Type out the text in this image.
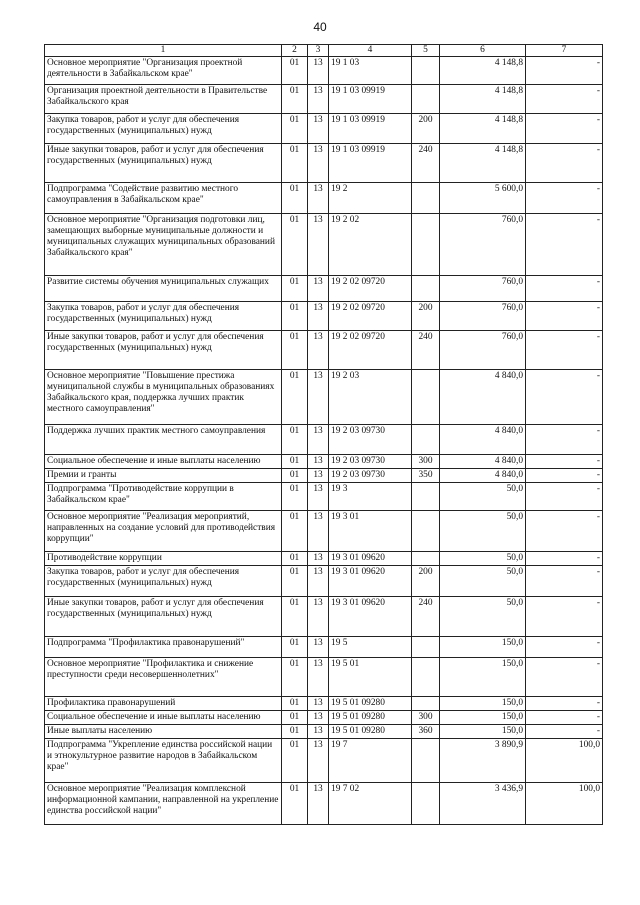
40
1	2	3	4	5	6	7
Основное мероприятие "Организация проектной деятельности в Забайкальском крае"	01	13	19 1 03		4 148,8	-
Организация проектной деятельности в Правительстве Забайкальского края	01	13	19 1 03 09919		4 148,8	-
Закупка товаров, работ и услуг для обеспечения государственных (муниципальных) нужд	01	13	19 1 03 09919	200	4 148,8	-
Иные закупки товаров, работ и услуг для обеспечения государственных (муниципальных) нужд	01	13	19 1 03 09919	240	4 148,8	-
Подпрограмма "Содействие развитию местного самоуправления в Забайкальском крае"	01	13	19 2		5 600,0	-
Основное мероприятие "Организация подготовки лиц, замещающих выборные муниципальные должности и муниципальных служащих муниципальных образований Забайкальского края"	01	13	19 2 02		760,0	-
Развитие системы обучения муниципальных служащих	01	13	19 2 02 09720		760,0	-
Закупка товаров, работ и услуг для обеспечения государственных (муниципальных) нужд	01	13	19 2 02 09720	200	760,0	-
Иные закупки товаров, работ и услуг для обеспечения государственных (муниципальных) нужд	01	13	19 2 02 09720	240	760,0	-
Основное мероприятие "Повышение престижа муниципальной службы в муниципальных образованиях Забайкальского края, поддержка лучших практик местного самоуправления"	01	13	19 2 03		4 840,0	-
Поддержка лучших практик местного самоуправления	01	13	19 2 03 09730		4 840,0	-
Социальное обеспечение и иные выплаты населению	01	13	19 2 03 09730	300	4 840,0	-
Премии и гранты	01	13	19 2 03 09730	350	4 840,0	-
Подпрограмма "Противодействие коррупции в Забайкальском крае"	01	13	19 3		50,0	-
Основное мероприятие "Реализация мероприятий, направленных на создание условий для противодействия коррупции"	01	13	19 3 01		50,0	-
Противодействие коррупции	01	13	19 3 01 09620		50,0	-
Закупка товаров, работ и услуг для обеспечения государственных (муниципальных) нужд	01	13	19 3 01 09620	200	50,0	-
Иные закупки товаров, работ и услуг для обеспечения государственных (муниципальных) нужд	01	13	19 3 01 09620	240	50,0	-
Подпрограмма "Профилактика правонарушений"	01	13	19 5		150,0	-
Основное мероприятие "Профилактика и снижение преступности среди несовершеннолетних"	01	13	19 5 01		150,0	-
Профилактика правонарушений	01	13	19 5 01 09280		150,0	-
Социальное обеспечение и иные выплаты населению	01	13	19 5 01 09280	300	150,0	-
Иные выплаты населению	01	13	19 5 01 09280	360	150,0	-
Подпрограмма "Укрепление единства российской нации и этнокультурное развитие народов в Забайкальском крае"	01	13	19 7		3 890,9	100,0
Основное мероприятие "Реализация комплексной информационной кампании, направленной на укрепление единства российской нации"	01	13	19 7 02		3 436,9	100,0
